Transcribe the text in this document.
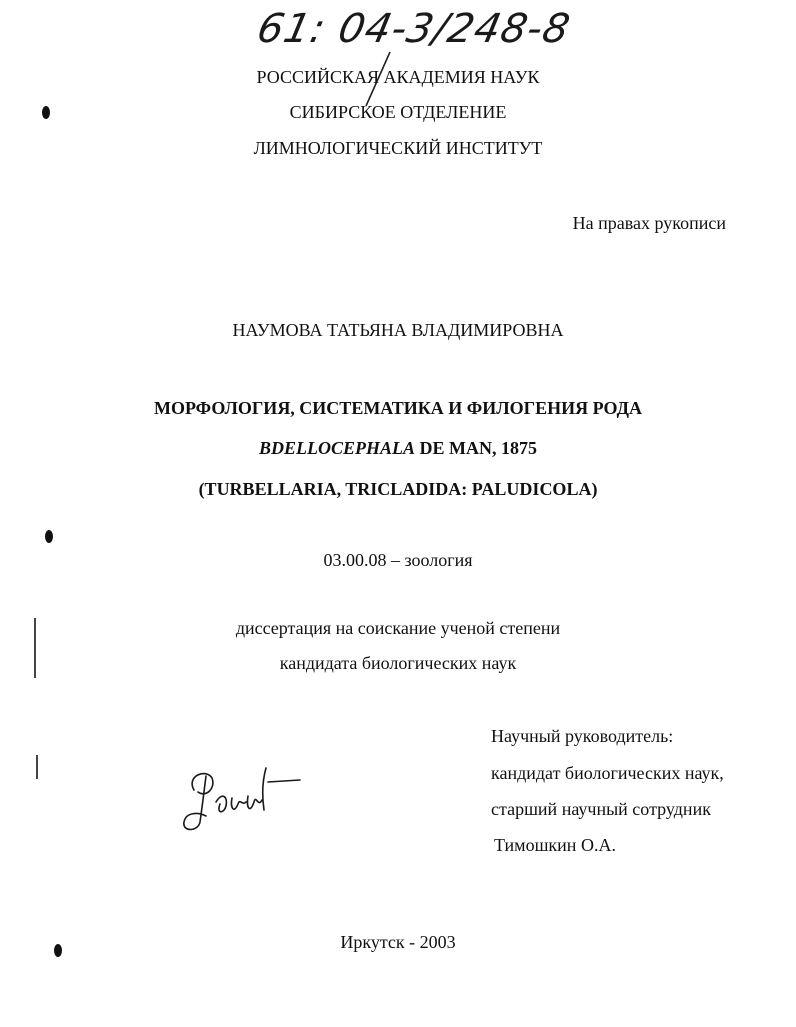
61: 04-3/248-8
РОССИЙСКАЯ АКАДЕМИЯ НАУК
СИБИРСКОЕ ОТДЕЛЕНИЕ
ЛИМНОЛОГИЧЕСКИЙ ИНСТИТУТ
На правах рукописи
НАУМОВА ТАТЬЯНА ВЛАДИМИРОВНА
МОРФОЛОГИЯ, СИСТЕМАТИКА И ФИЛОГЕНИЯ РОДА
BDELLOCEPHALA DE MAN, 1875
(TURBELLARIA, TRICLADIDA: PALUDICOLA)
03.00.08 – зоология
диссертация на соискание ученой степени
кандидата биологических наук
Научный руководитель:
кандидат биологических наук,
старший научный сотрудник
Тимошкин О.А.
Иркутск - 2003
